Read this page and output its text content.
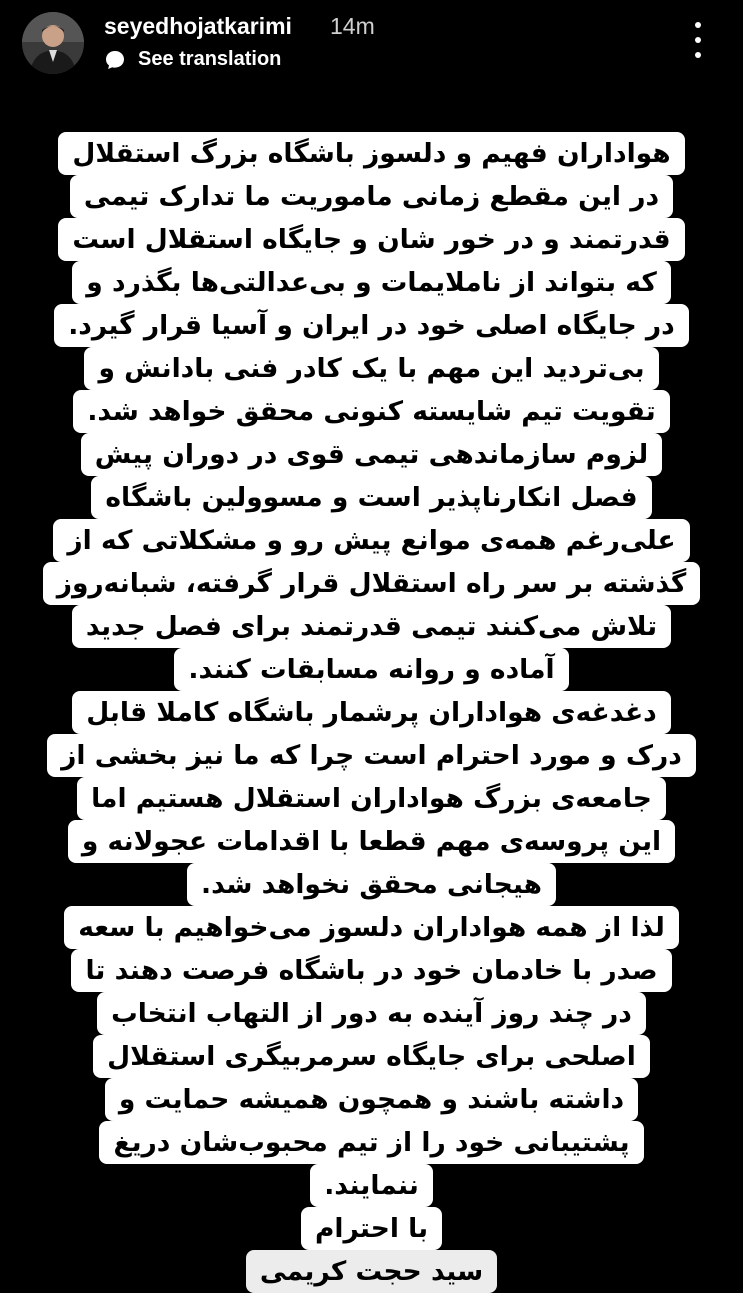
seyedhojatkarimi 14m
See translation
هواداران فهیم و دلسوز باشگاه بزرگ استقلال
در این مقطع زمانی ماموریت ما تدارک تیمی
قدرتمند و در خور شان و جایگاه استقلال است
که بتواند از ناملایمات و بی‌عدالتی‌ها بگذرد و
در جایگاه اصلی خود در ایران و آسیا قرار گیرد.
بی‌تردید این مهم با یک کادر فنی بادانش و
تقویت تیم شایسته کنونی محقق خواهد شد.
لزوم سازماندهی تیمی قوی در دوران پیش
فصل انکارناپذیر است و مسوولین باشگاه
علی‌رغم همه‌ی موانع پیش رو و مشکلاتی که از
گذشته بر سر راه استقلال قرار گرفته، شبانه‌روز
تلاش می‌کنند تیمی قدرتمند برای فصل جدید
آماده و روانه مسابقات کنند.
دغدغه‌ی هواداران پرشمار باشگاه کاملا قابل
درک و مورد احترام است چرا که ما نیز بخشی از
جامعه‌ی بزرگ هواداران استقلال هستیم اما
این پروسه‌ی مهم قطعا با اقدامات عجولانه و
هیجانی محقق نخواهد شد.
لذا از همه هواداران دلسوز می‌خواهیم با سعه
صدر با خادمان خود در باشگاه فرصت دهند تا
در چند روز آینده به دور از التهاب انتخاب
اصلحی برای جایگاه سرمربیگری استقلال
داشته باشند و همچون همیشه حمایت و
پشتیبانی خود را از تیم محبوب‌شان دریغ
ننمایند.
با احترام
سید حجت کریمی
